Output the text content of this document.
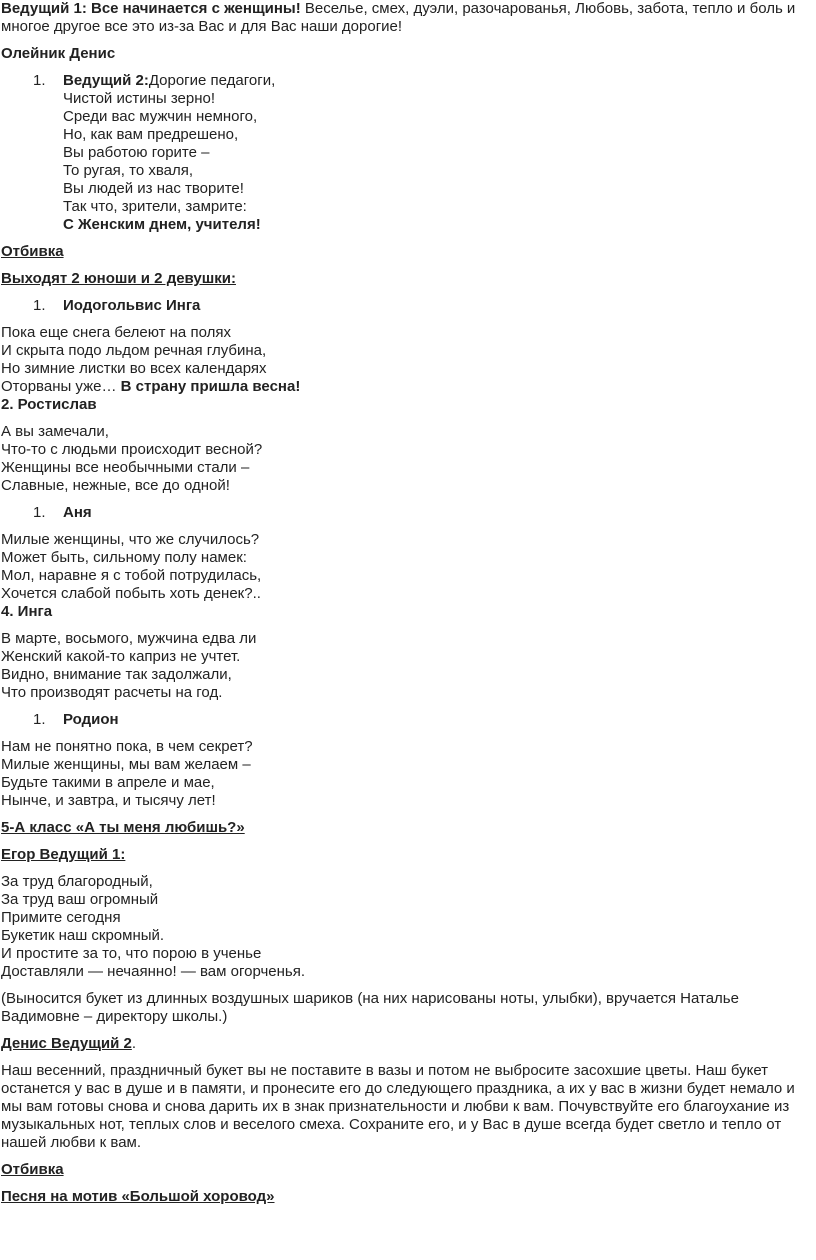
Ведущий 1: Все начинается с женщины! Веселье, смех, дуэли, разочарованья, Любовь, забота, тепло и боль и многое другое все это из-за Вас и для Вас наши дорогие!

Олейник Денис

1.	Ведущий 2:Дорогие педагоги,

Чистой истины зерно!

Среди вас мужчин немного,

Но, как вам предрешено,

Вы работою горите –

То ругая, то хваля,

Вы людей из нас творите!

Так что, зрители, замрите:

С Женским днем, учителя!

Отбивка

Выходят 2 юноши и 2 девушки:

1.	Иодогольвис Инга

Пока еще снега белеют на полях

И скрыта подо льдом речная глубина,

Но зимние листки во всех календарях

Оторваны уже… В страну пришла весна!

2. Ростислав

А вы замечали,

Что-то с людьми происходит весной?

Женщины все необычными стали –

Славные, нежные, все до одной!

1.	Аня

Милые женщины, что же случилось?

Может быть, сильному полу намек:

Мол, наравне я с тобой потрудилась,

Хочется слабой побыть хоть денек?..

4. Инга

В марте, восьмого, мужчина едва ли

Женский какой-то каприз не учтет.

Видно, внимание так задолжали,

Что производят расчеты на год.

1.	Родион

Нам не понятно пока, в чем секрет?

Милые женщины, мы вам желаем –

Будьте такими в апреле и мае,

Нынче, и завтра, и тысячу лет!

5-А класс «А ты меня любишь?»

Егор Ведущий 1:

За труд благородный,

За труд ваш огромный

Примите сегодня

Букетик наш скромный.

И простите за то, что порою в ученье

Доставляли — нечаянно! — вам огорченья.

(Выносится букет из длинных воздушных шариков (на них нарисованы ноты, улыбки), вручается Наталье Вадимовне – директору школы.)

Денис Ведущий 2.

Наш весенний, праздничный букет вы не поставите в вазы и потом не выбросите засохшие цветы. Наш букет останется у вас в душе и в памяти, и пронесите его до следующего праздника, а их у вас в жизни будет немало и мы вам готовы снова и снова дарить их в знак признательности и любви к вам. Почувствуйте его благоухание из музыкальных нот, теплых слов и веселого смеха. Сохраните его, и у Вас в душе всегда будет светло и тепло от нашей любви к вам.

Отбивка

Песня на мотив «Большой хоровод»
